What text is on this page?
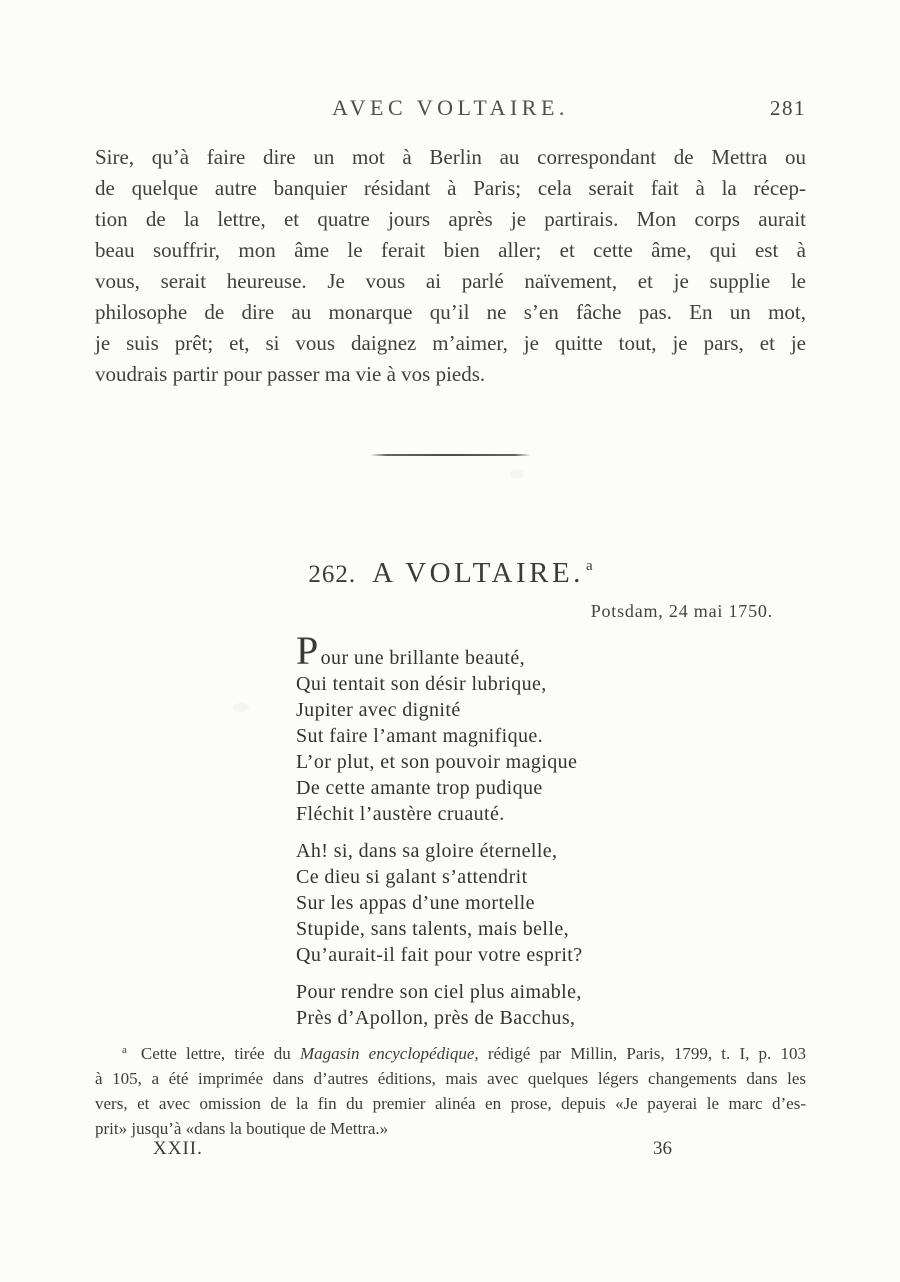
AVEC VOLTAIRE.	281
Sire, qu’à faire dire un mot à Berlin au correspondant de Mettra ou
de quelque autre banquier résidant à Paris; cela serait fait à la récep-
tion de la lettre, et quatre jours après je partirais. Mon corps aurait
beau souffrir, mon âme le ferait bien aller; et cette âme, qui est à
vous, serait heureuse. Je vous ai parlé naïvement, et je supplie le
philosophe de dire au monarque qu’il ne s’en fâche pas. En un mot,
je suis prêt; et, si vous daignez m’aimer, je quitte tout, je pars, et je
voudrais partir pour passer ma vie à vos pieds.
262. A VOLTAIRE. a
Potsdam, 24 mai 1750.
Pour une brillante beauté,
Qui tentait son désir lubrique,
Jupiter avec dignité
Sut faire l’amant magnifique.
L’or plut, et son pouvoir magique
De cette amante trop pudique
Fléchit l’austère cruauté.
Ah! si, dans sa gloire éternelle,
Ce dieu si galant s’attendrit
Sur les appas d’une mortelle
Stupide, sans talents, mais belle,
Qu’aurait-il fait pour votre esprit?
Pour rendre son ciel plus aimable,
Près d’Apollon, près de Bacchus,
$^a$ Cette lettre, tirée du Magasin encyclopédique, rédigé par Millin, Paris, 1799, t. I, p. 103
à 105, a été imprimée dans d’autres éditions, mais avec quelques légers changements dans les
vers, et avec omission de la fin du premier alinéa en prose, depuis «Je payerai le marc d’es-
prit» jusqu’à «dans la boutique de Mettra.»
XXII.	36
